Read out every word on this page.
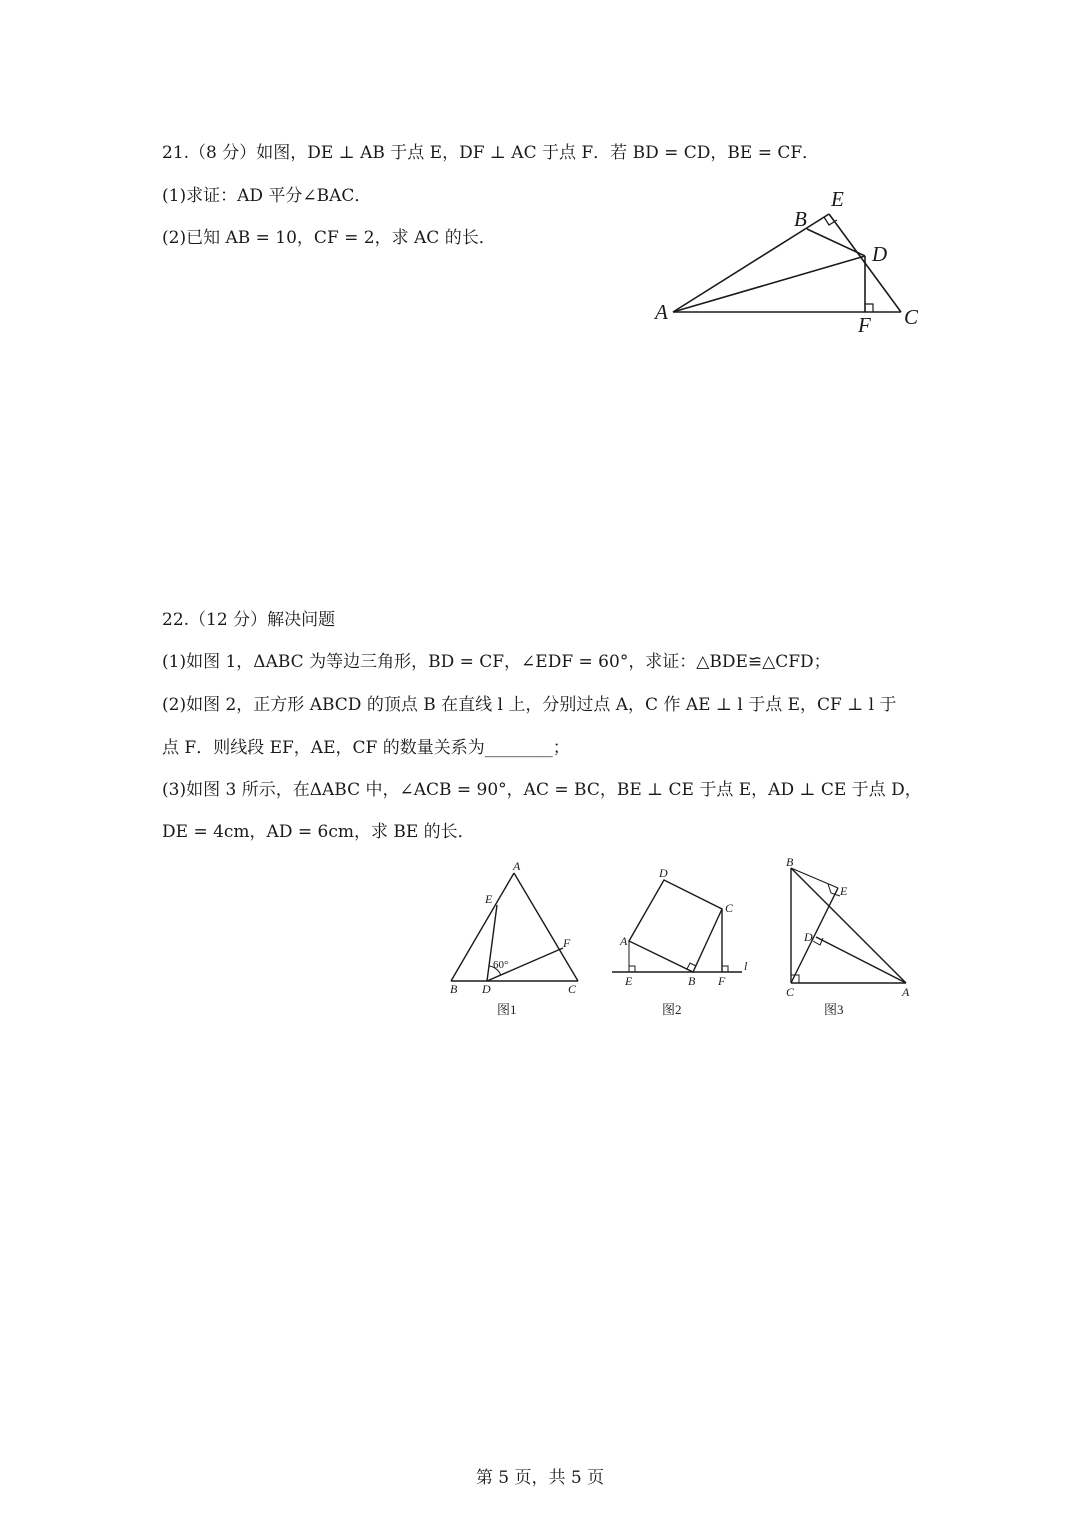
21.（8 分）如图，DE ⊥ AB 于点 E，DF ⊥ AC 于点 F．若 BD = CD，BE = CF．
(1)求证：AD 平分∠BAC．
(2)已知 AB = 10，CF = 2，求 AC 的长．
A
B
C
D
E
F
22.（12 分）解决问题
(1)如图 1，ΔABC 为等边三角形，BD = CF，∠EDF = 60°，求证：△BDE≌△CFD；
(2)如图 2，正方形 ABCD 的顶点 B 在直线 l 上，分别过点 A，C 作 AE ⊥ l 于点 E，CF ⊥ l 于
点 F．则线段 EF，AE，CF 的数量关系为________；
(3)如图 3 所示，在ΔABC 中，∠ACB = 90°，AC = BC，BE ⊥ CE 于点 E，AD ⊥ CE 于点 D，
DE = 4cm，AD = 6cm，求 BE 的长．
A
B	C
D
E
F
60°
图1
A
B
C
D
E	F
l
图2
B
C	A
D
E
图3
第 5 页，共 5 页
